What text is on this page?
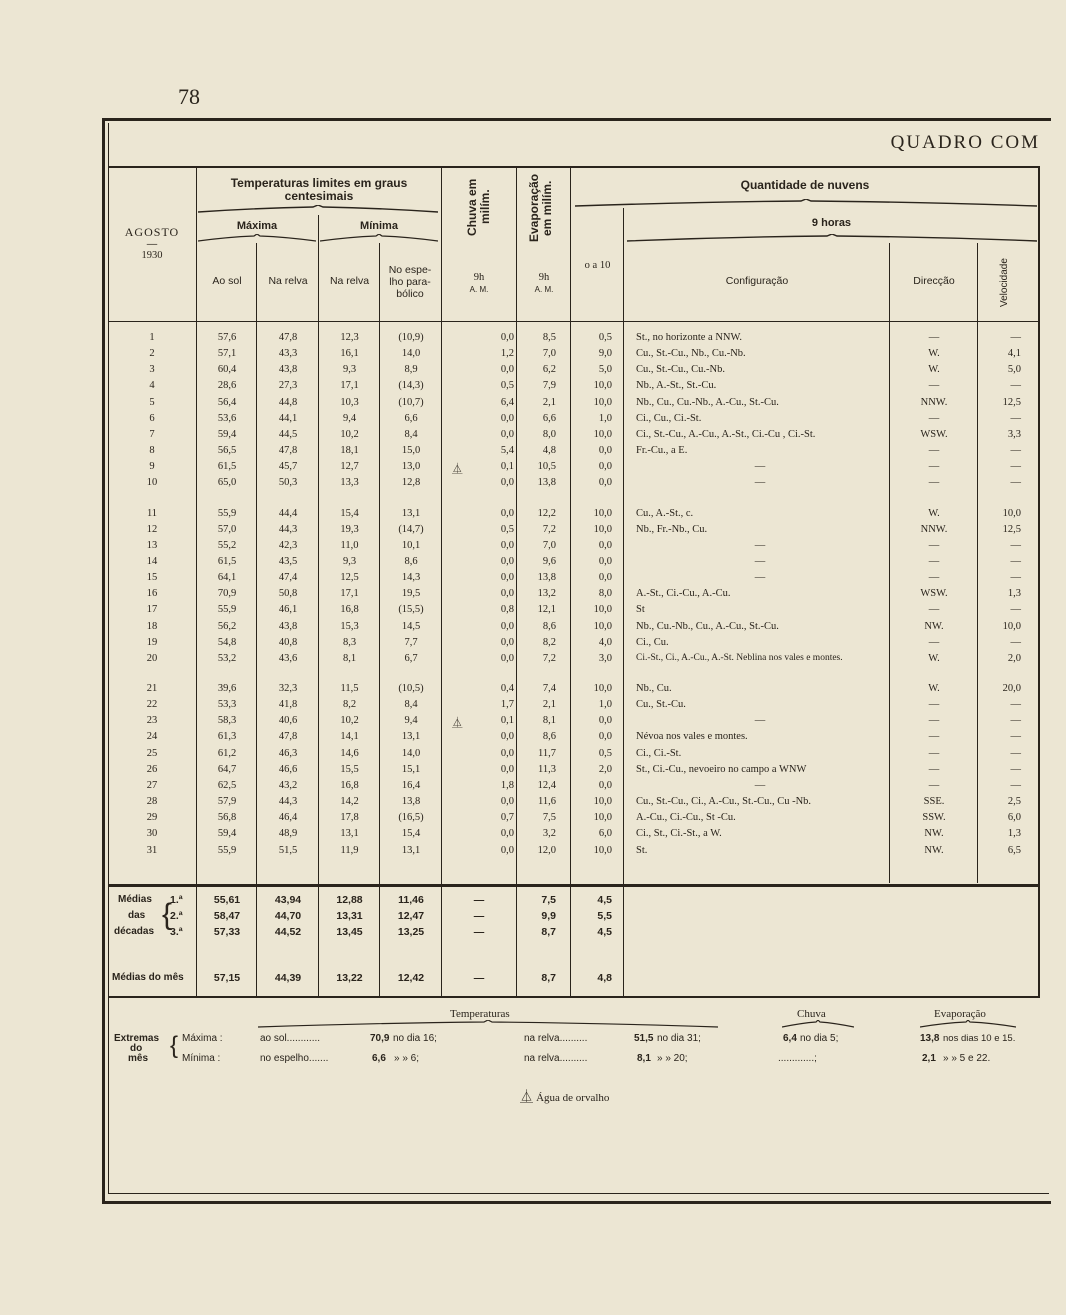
78
QUADRO COM
AGOSTO
—
1930
Temperaturas limites em graus centesimais
Máxima	Mínima
Ao sol	Na relva	Na relva
No espe- lho para- bólico
Chuva em milím.	Evaporação em milím.
9h
A. M.
9h
A. M.
Quantidade de nuvens
9 horas
o a 10
Configuração	Direcção	Velocidade
1	57,6	47,8	12,3	(10,9)	0,0	8,5	0,5 St., no horizonte a NNW.	—	—
2	57,1	43,3	16,1	14,0	1,2	7,0	9,0 Cu., St.-Cu., Nb., Cu.-Nb.	W.	4,1
3	60,4	43,8	9,3	8,9	0,0	6,2	5,0 Cu., St.-Cu., Cu.-Nb.	W.	5,0
4	28,6	27,3	17,1	(14,3)	0,5	7,9	10,0 Nb., A.-St., St.-Cu.	—	—
5	56,4	44,8	10,3	(10,7)	6,4	2,1	10,0 Nb., Cu., Cu.-Nb., A.-Cu., St.-Cu.	NNW.	12,5
6	53,6	44,1	9,4	6,6	0,0	6,6	1,0 Ci., Cu., Ci.-St.	—	—
7	59,4	44,5	10,2	8,4	0,0	8,0	10,0 Ci., St.-Cu., A.-Cu., A.-St., Ci.-Cu , Ci.-St.	WSW.	3,3
8	56,5	47,8	18,1	15,0	5,4	4,8	0,0 Fr.-Cu., a E.	—	—
9	61,5	45,7	12,7	13,0	0,1	10,5	0,0	—	—	—
⏅
10	65,0	50,3	13,3	12,8	0,0	13,8	0,0	—	—	—
11	55,9	44,4	15,4	13,1	0,0	12,2	10,0 Cu., A.-St., c.	W.	10,0
12	57,0	44,3	19,3	(14,7)	0,5	7,2	10,0 Nb., Fr.-Nb., Cu.	NNW.	12,5
13	55,2	42,3	11,0	10,1	0,0	7,0	0,0	—	—	—
14	61,5	43,5	9,3	8,6	0,0	9,6	0,0	—	—	—
15	64,1	47,4	12,5	14,3	0,0	13,8	0,0	—	—	—
16	70,9	50,8	17,1	19,5	0,0	13,2	8,0 A.-St., Ci.-Cu., A.-Cu.	WSW.	1,3
17	55,9	46,1	16,8	(15,5)	0,8	12,1	10,0 St	—	—
18	56,2	43,8	15,3	14,5	0,0	8,6	10,0 Nb., Cu.-Nb., Cu., A.-Cu., St.-Cu.	NW.	10,0
19	54,8	40,8	8,3	7,7	0,0	8,2	4,0 Ci., Cu.	—	—
20	53,2	43,6	8,1	6,7	0,0	7,2	3,0	Ci.-St., Ci., A.-Cu., A.-St. Neblina nos vales e montes.	W.	2,0
21	39,6	32,3	11,5	(10,5)	0,4	7,4	10,0 Nb., Cu.	W.	20,0
22	53,3	41,8	8,2	8,4	1,7	2,1	1,0 Cu., St.-Cu.	—	—
23	58,3	40,6	10,2	9,4	0,1	8,1	0,0	—	—	—
⏅
24	61,3	47,8	14,1	13,1	0,0	8,6	0,0 Névoa nos vales e montes.	—	—
25	61,2	46,3	14,6	14,0	0,0	11,7	0,5 Ci., Ci.-St.	—	—
26	64,7	46,6	15,5	15,1	0,0	11,3	2,0 St., Ci.-Cu., nevoeiro no campo a WNW	—	—
27	62,5	43,2	16,8	16,4	1,8	12,4	0,0	—	—	—
28	57,9	44,3	14,2	13,8	0,0	11,6	10,0 Cu., St.-Cu., Ci., A.-Cu., St.-Cu., Cu -Nb.	SSE.	2,5
29	56,8	46,4	17,8	(16,5)	0,7	7,5	10,0 A.-Cu., Ci.-Cu., St -Cu.	SSW.	6,0
30	59,4	48,9	13,1	15,4	0,0	3,2	6,0 Ci., St., Ci.-St., a W.	NW.	1,3
31	55,9	51,5	11,9	13,1	0,0	12,0	10,0 St.	NW.	6,5
Médias
das
décadas
{
1.ª	55,61	43,94	12,88	11,46	—	7,5	4,5
2.ª	58,47	44,70	13,31	12,47	—	9,9	5,5
3.ª	57,33	44,52	13,45	13,25	—	8,7	4,5
Médias do mês	57,15	44,39	13,22	12,42	—	8,7	4,8
Temperaturas	Chuva	Evaporação
Extremas
do
mês { Máxima :
Mínima :
ao sol............	70,9 no dia 16;	na relva..........	51,5 no dia 31;	6,4 no dia 5;	13,8 nos dias 10 e 15.
no espelho.......	6,6 » » 6;	na relva..........	8,1 » » 20;	.............;	2,1 » » 5 e 22.
⏅ Água de orvalho
